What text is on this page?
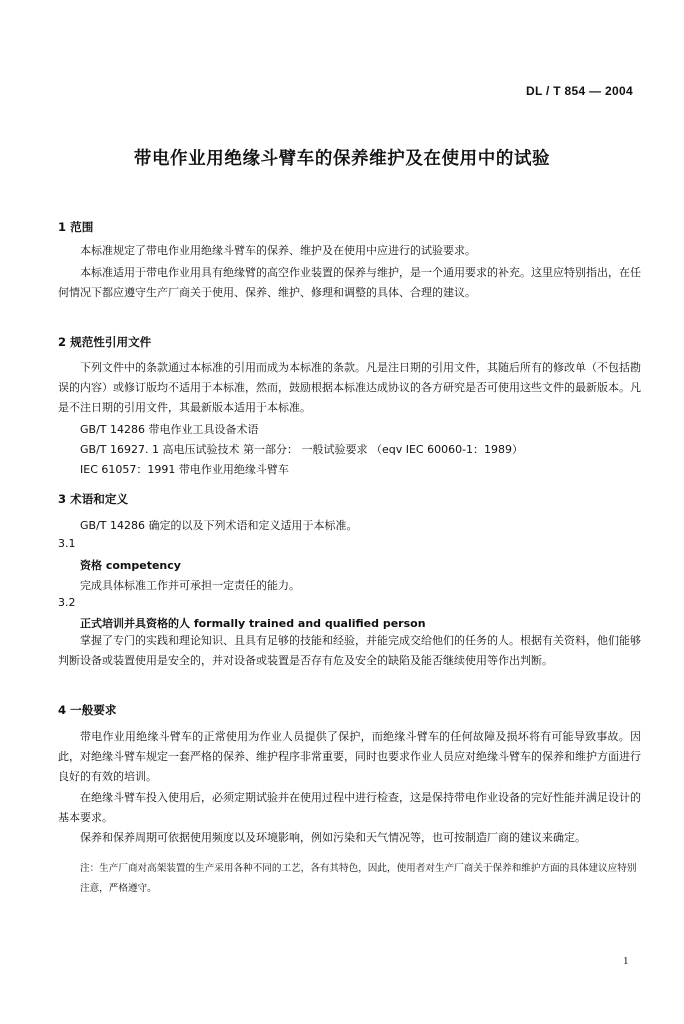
DL / T 854 — 2004
带电作业用绝缘斗臂车的保养维护及在使用中的试验
1 范围
本标准规定了带电作业用绝缘斗臂车的保养、维护及在使用中应进行的试验要求。
本标准适用于带电作业用具有绝缘臂的高空作业装置的保养与维护，是一个通用要求的补充。这里应特别指出，在任何情况下都应遵守生产厂商关于使用、保养、维护、修理和调整的具体、合理的建议。
2 规范性引用文件
下列文件中的条款通过本标准的引用而成为本标准的条款。凡是注日期的引用文件，其随后所有的修改单（不包括勘误的内容）或修订版均不适用于本标准，然而，鼓励根据本标准达成协议的各方研究是否可使用这些文件的最新版本。凡是不注日期的引用文件，其最新版本适用于本标准。
GB/T 14286 带电作业工具设备术语
GB/T 16927. 1 高电压试验技术 第一部分： 一般试验要求 （eqv IEC 60060-1：1989）
IEC 61057：1991 带电作业用绝缘斗臂车
3 术语和定义
GB/T 14286 确定的以及下列术语和定义适用于本标准。
3.1
资格 competency
完成具体标准工作并可承担一定责任的能力。
3.2
正式培训并具资格的人 formally trained and qualified person
掌握了专门的实践和理论知识、且具有足够的技能和经验，并能完成交给他们的任务的人。根据有关资料，他们能够判断设备或装置使用是安全的，并对设备或装置是否存有危及安全的缺陷及能否继续使用等作出判断。
4 一般要求
带电作业用绝缘斗臂车的正常使用为作业人员提供了保护，而绝缘斗臂车的任何故障及损坏将有可能导致事故。因此，对绝缘斗臂车规定一套严格的保养、维护程序非常重要，同时也要求作业人员应对绝缘斗臂车的保养和维护方面进行良好的有效的培训。
在绝缘斗臂车投入使用后，必须定期试验并在使用过程中进行检查，这是保持带电作业设备的完好性能并满足设计的基本要求。
保养和保养周期可依据使用频度以及环境影响，例如污染和天气情况等，也可按制造厂商的建议来确定。
注：生产厂商对高架装置的生产采用各种不同的工艺，各有其特色，因此，使用者对生产厂商关于保养和维护方面的具体建议应特别注意，严格遵守。
1
